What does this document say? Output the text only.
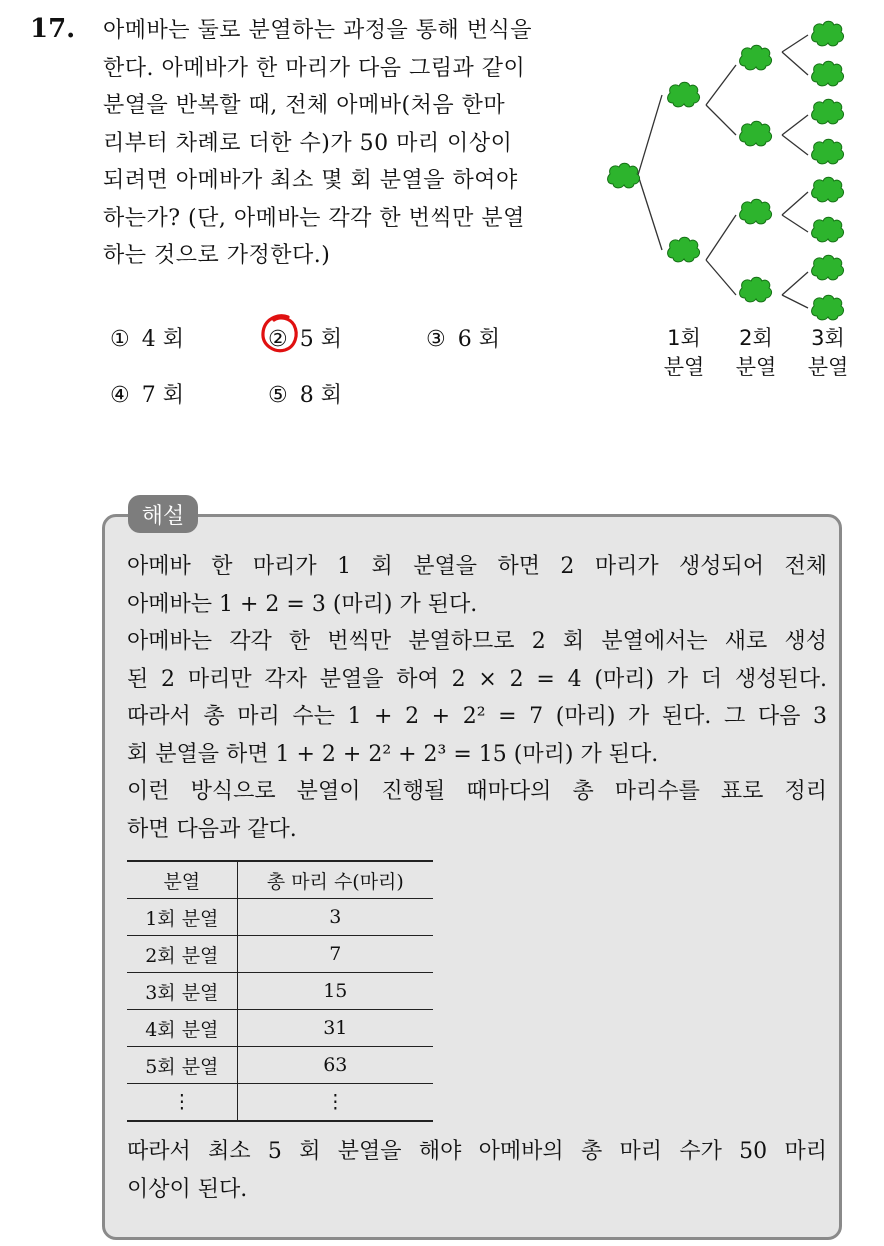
17. 아메바는 둘로 분열하는 과정을 통해 번식을
한다. 아메바가 한 마리가 다음 그림과 같이
분열을 반복할 때, 전체 아메바(처음 한마
리부터 차례로 더한 수)가 50 마리 이상이
되려면 아메바가 최소 몇 회 분열을 하여야
하는가? (단, 아메바는 각각 한 번씩만 분열
하는 것으로 가정한다.)
① 4 회	② 5 회	③ 6 회
④ 7 회	⑤ 8 회
1회
분열
2회
분열
3회
분열
해설
아메바 한 마리가 1 회 분열을 하면 2 마리가 생성되어 전체
아메바는 1 + 2 = 3 (마리) 가 된다.
아메바는 각각 한 번씩만 분열하므로 2 회 분열에서는 새로 생성
된 2 마리만 각자 분열을 하여 2 × 2 = 4 (마리) 가 더 생성된다.
따라서 총 마리 수는 1 + 2 + 2² = 7 (마리) 가 된다. 그 다음 3
회 분열을 하면 1 + 2 + 2² + 2³ = 15 (마리) 가 된다.
이런 방식으로 분열이 진행될 때마다의 총 마리수를 표로 정리
하면 다음과 같다.
분열	총 마리 수(마리)
1회 분열	3
2회 분열	7
3회 분열	15
4회 분열	31
5회 분열	63
⋮	⋮
따라서 최소 5 회 분열을 해야 아메바의 총 마리 수가 50 마리
이상이 된다.
